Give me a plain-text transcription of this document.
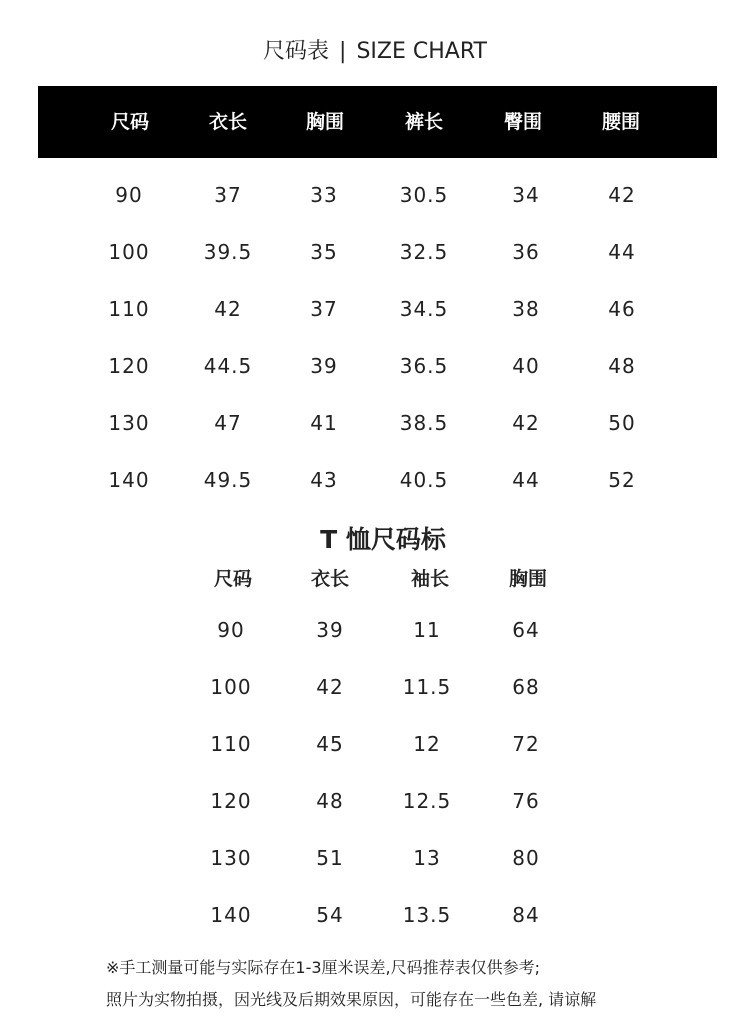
尺码表 | SIZE CHART
尺码	衣长	胸围	裤长	臀围	腰围
90	37	33	30.5	34	42
100	39.5	35	32.5	36	44
110	42	37	34.5	38	46
120	44.5	39	36.5	40	48
130	47	41	38.5	42	50
140	49.5	43	40.5	44	52
T 恤尺码标
尺码	衣长	袖长	胸围
90	39	11	64
100	42	11.5	68
110	45	12	72
120	48	12.5	76
130	51	13	80
140	54	13.5	84
※手工测量可能与实际存在1-3厘米误差,尺码推荐表仅供参考;
照片为实物拍摄，因光线及后期效果原因，可能存在一些色差, 请谅解
